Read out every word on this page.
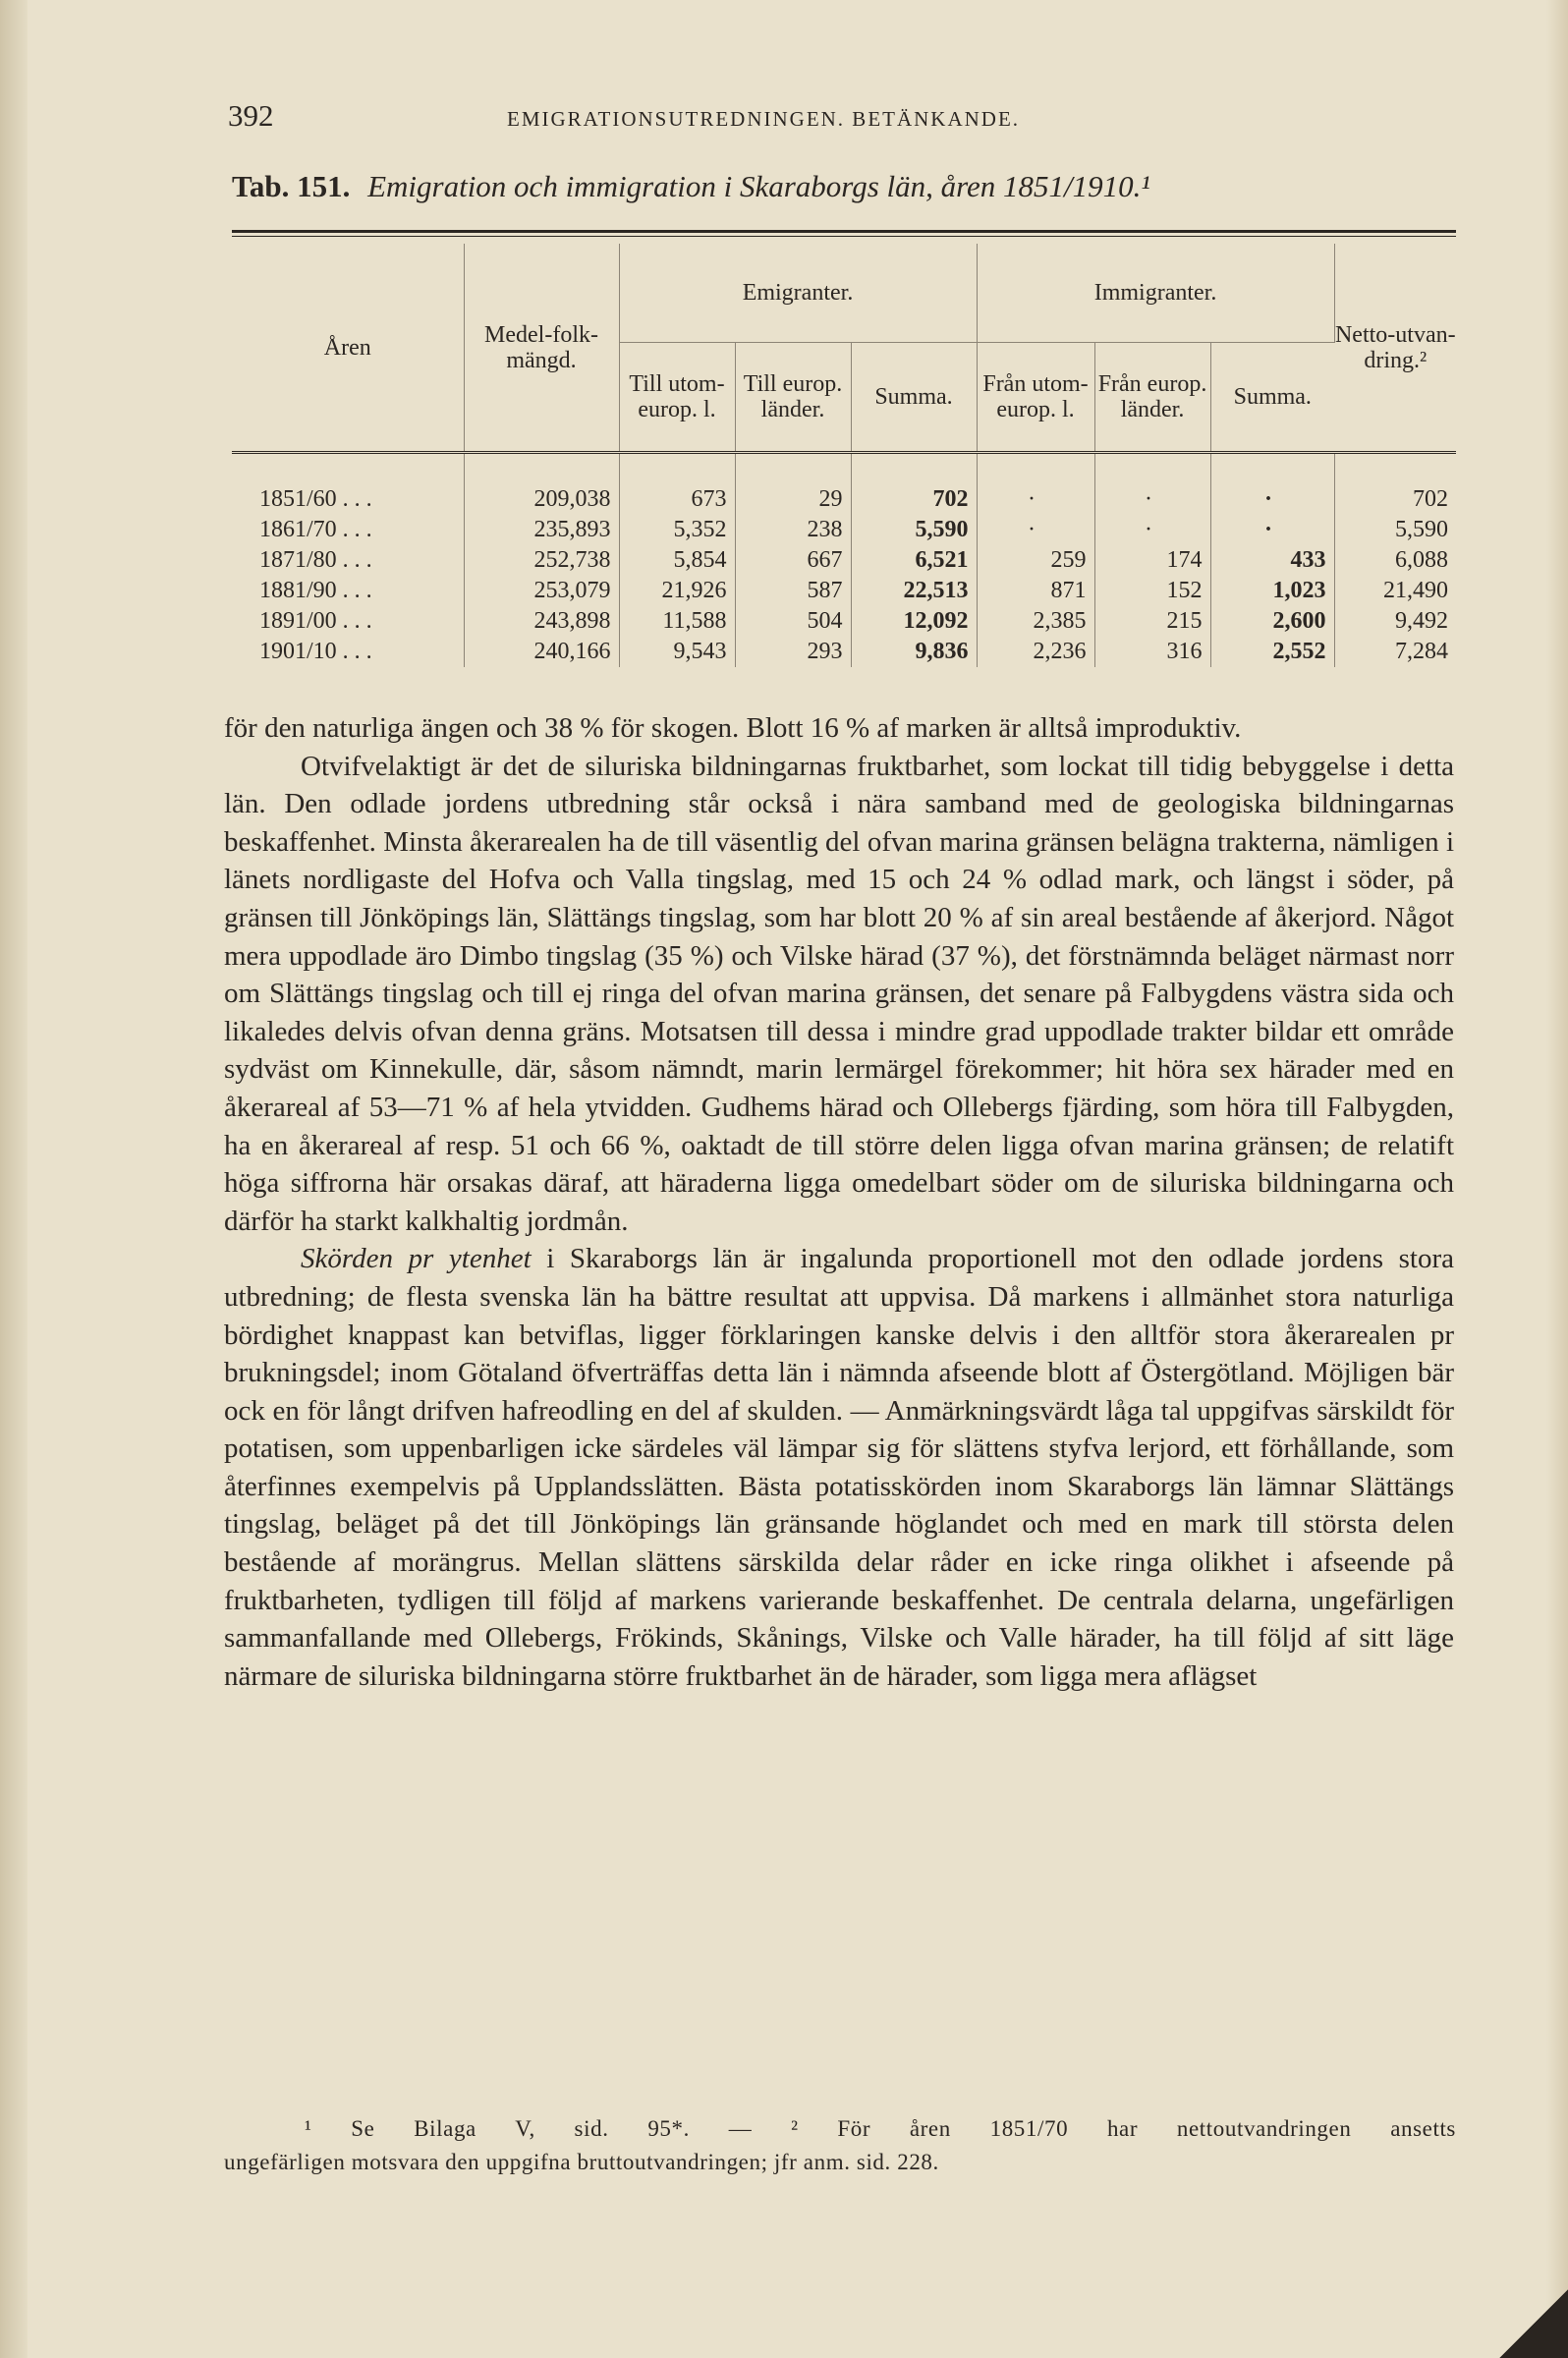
392	EMIGRATIONSUTREDNINGEN. BETÄNKANDE.
Tab. 151. Emigration och immigration i Skaraborgs län, åren 1851/1910.¹
Åren	Medel-folk-mängd.	Emigranter.			Immigranter.			Netto-utvan-dring.²
		Till utom-europ. l.	Till europ. länder.	Summa.	Från utom-europ. l.	Från europ. länder.	Summa.	

1851/60 . . .	209,038	673	29	702	·	·	·	702
1861/70 . . .	235,893	5,352	238	5,590	·	·	·	5,590
1871/80 . . .	252,738	5,854	667	6,521	259	174	433	6,088
1881/90 . . .	253,079	21,926	587	22,513	871	152	1,023	21,490
1891/00 . . .	243,898	11,588	504	12,092	2,385	215	2,600	9,492
1901/10 . . .	240,166	9,543	293	9,836	2,236	316	2,552	7,284

för den naturliga ängen och 38 % för skogen. Blott 16 % af marken är alltså improduktiv.

Otvifvelaktigt är det de siluriska bildningarnas fruktbarhet, som lockat till tidig bebyggelse i detta län. Den odlade jordens utbredning står också i nära samband med de geologiska bildningarnas beskaffenhet. Minsta åkerarealen ha de till väsentlig del ofvan marina gränsen belägna trakterna, nämligen i länets nordligaste del Hofva och Valla tingslag, med 15 och 24 % odlad mark, och längst i söder, på gränsen till Jönköpings län, Slättängs tingslag, som har blott 20 % af sin areal bestående af åkerjord. Något mera uppodlade äro Dimbo tingslag (35 %) och Vilske härad (37 %), det förstnämnda beläget närmast norr om Slättängs tingslag och till ej ringa del ofvan marina gränsen, det senare på Falbygdens västra sida och likaledes delvis ofvan denna gräns. Motsatsen till dessa i mindre grad uppodlade trakter bildar ett område sydväst om Kinnekulle, där, såsom nämndt, marin lermärgel förekommer; hit höra sex härader med en åkerareal af 53—71 % af hela ytvidden. Gudhems härad och Ollebergs fjärding, som höra till Falbygden, ha en åkerareal af resp. 51 och 66 %, oaktadt de till större delen ligga ofvan marina gränsen; de relatift höga siffrorna här orsakas däraf, att häraderna ligga omedelbart söder om de siluriska bildningarna och därför ha starkt kalkhaltig jordmån.

Skörden pr ytenhet i Skaraborgs län är ingalunda proportionell mot den odlade jordens stora utbredning; de flesta svenska län ha bättre resultat att uppvisa. Då markens i allmänhet stora naturliga bördighet knappast kan betviflas, ligger förklaringen kanske delvis i den alltför stora åkerarealen pr brukningsdel; inom Götaland öfverträffas detta län i nämnda afseende blott af Östergötland. Möjligen bär ock en för långt drifven hafreodling en del af skulden. — Anmärkningsvärdt låga tal uppgifvas särskildt för potatisen, som uppenbarligen icke särdeles väl lämpar sig för slättens styfva lerjord, ett förhållande, som återfinnes exempelvis på Upplandsslätten. Bästa potatisskörden inom Skaraborgs län lämnar Slättängs tingslag, beläget på det till Jönköpings län gränsande höglandet och med en mark till största delen bestående af morängrus. Mellan slättens särskilda delar råder en icke ringa olikhet i afseende på fruktbarheten, tydligen till följd af markens varierande beskaffenhet. De centrala delarna, ungefärligen sammanfallande med Ollebergs, Frökinds, Skånings, Vilske och Valle härader, ha till följd af sitt läge närmare de siluriska bildningarna större fruktbarhet än de härader, som ligga mera aflägset

¹ Se Bilaga V, sid. 95*. — ² För åren 1851/70 har nettoutvandringen ansetts

ungefärligen motsvara den uppgifna bruttoutvandringen; jfr anm. sid. 228.
